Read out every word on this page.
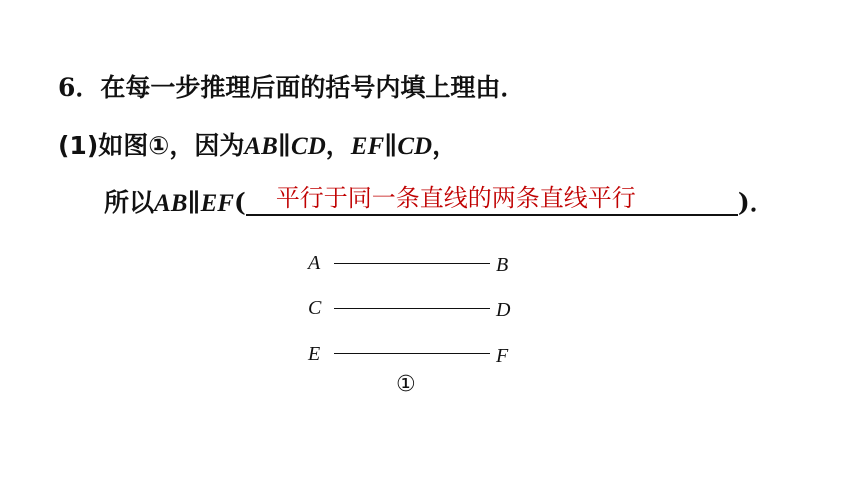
6．在每一步推理后面的括号内填上理由．
(1)如图①，因为AB∥CD，EF∥CD，
所以AB∥EF( 平行于同一条直线的两条直线平行	)．
A	B
C	D
E	F
①
